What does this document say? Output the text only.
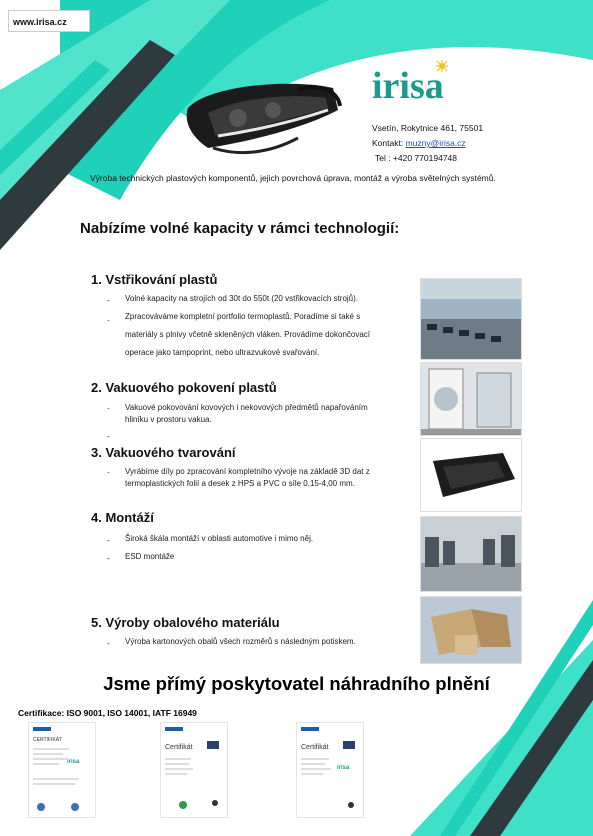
www.irisa.cz
irisa
Vsetín, Rokytnice 461, 75501
Kontakt: muzny@irisa.cz
Tel : +420 770194748
Výroba technických plastových komponentů, jejich povrchová úprava, montáž a výroba světelných systémů.
Nabízíme volné kapacity v rámci technologií:
1. Vstřikování plastů
- Volné kapacity na strojích od 30t do 550t (20 vstřikovacích strojů).
- Zpracováváme kompletní portfolio termoplastů. Poradíme si také s materiály s plnivy včetně skleněných vláken. Provádíme dokončovací operace jako tampoprint, nebo ultrazvukové svařování.
2. Vakuového pokovení plastů
- Vakuové pokovování kovových i nekovových předmětů napařováním hliníku v prostoru vakua.
-
3. Vakuového tvarování
- Vyrábíme díly po zpracování kompletního vývoje na základě 3D dat z termoplastických folií a desek z HPS a PVC o síle 0,15-4,00 mm.
4. Montáží
- Široká škála montáží v oblasti automotive i mimo něj.
- ESD montáže
5. Výroby obalového materiálu
- Výroba kartonových obalů všech rozměrů s následným potiskem.
Jsme přímý poskytovatel náhradního plnění
Certifikace: ISO 9001, ISO 14001, IATF 16949
CERTIFIKÁT
irisa
Certifikát	Certifikát
irisa
